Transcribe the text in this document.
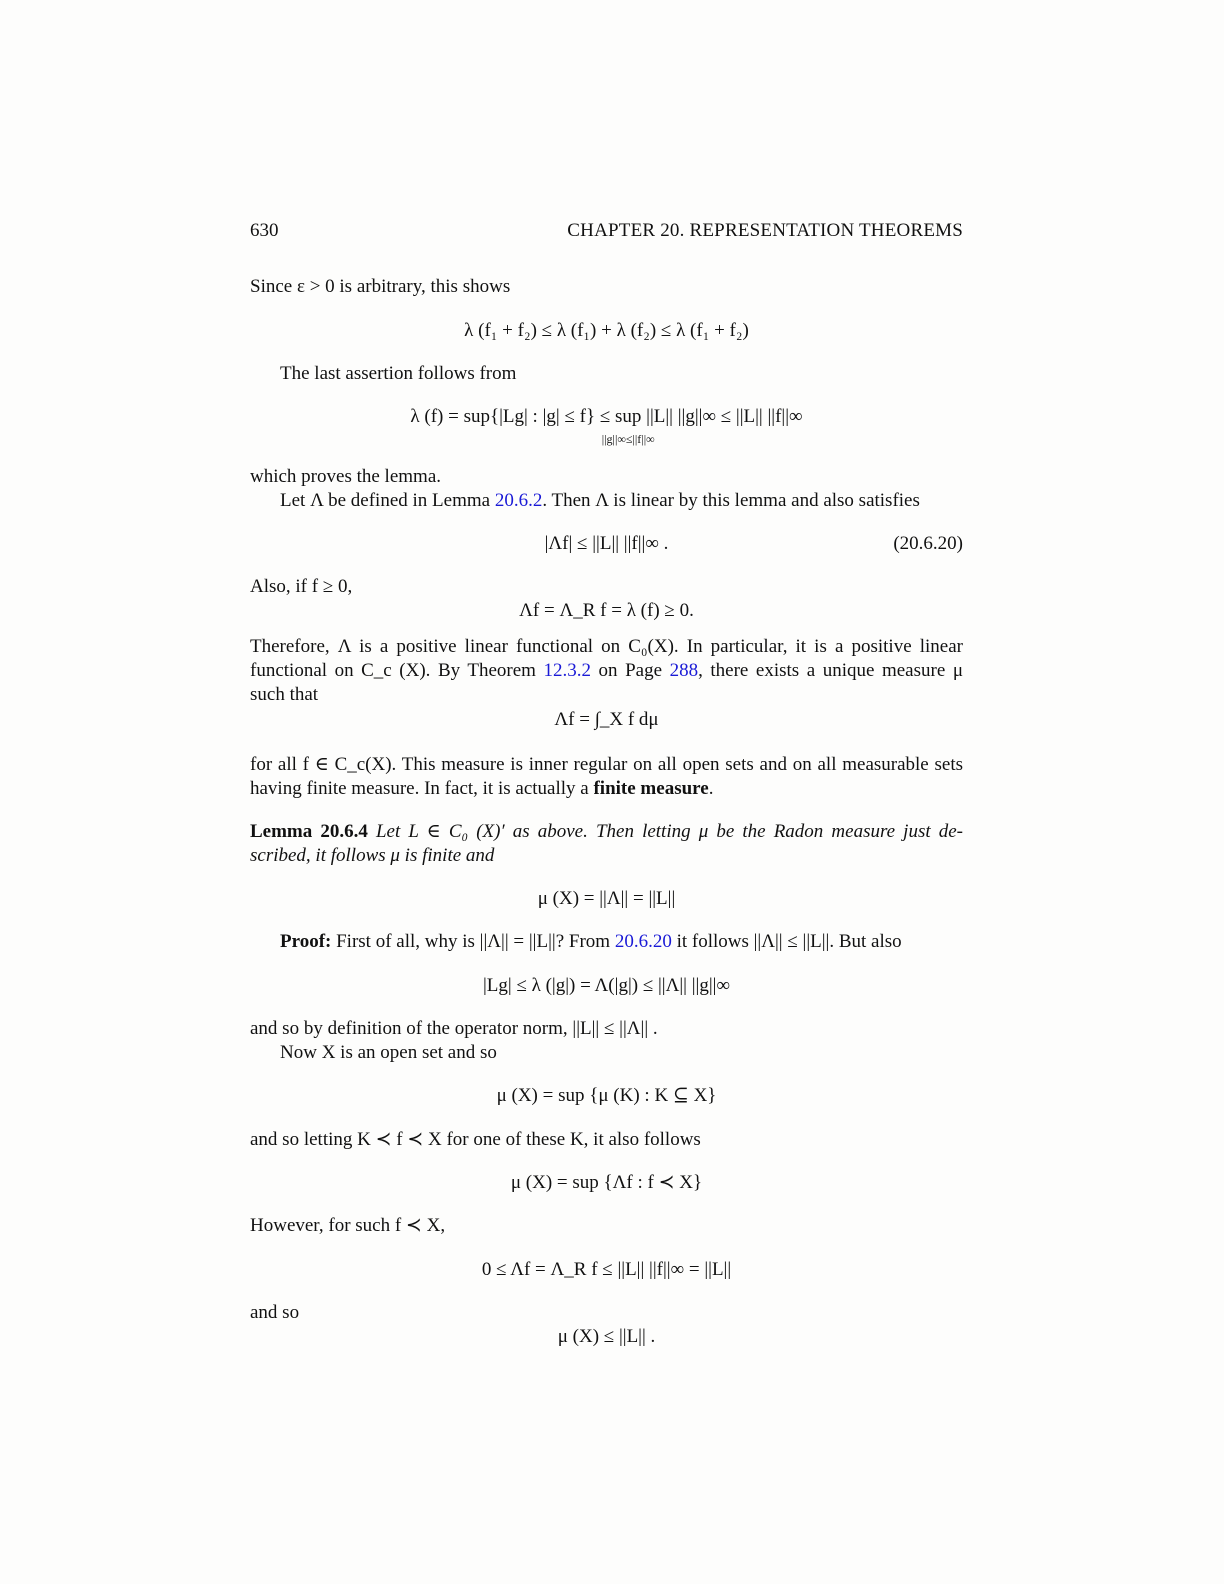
630	CHAPTER 20. REPRESENTATION THEOREMS
Since ε > 0 is arbitrary, this shows
λ (f₁ + f₂) ≤ λ (f₁) + λ (f₂) ≤ λ (f₁ + f₂)
The last assertion follows from
λ (f) = sup{|Lg| : |g| ≤ f} ≤ sup
||g||∞≤||f||∞
||L|| ||g||∞ ≤ ||L|| ||f||∞
which proves the lemma.
Let Λ be defined in Lemma 20.6.2. Then Λ is linear by this lemma and also satisfies
|Λf| ≤ ||L|| ||f||∞ .	(20.6.20)
Also, if f ≥ 0,
Λf = Λ_R f = λ (f) ≥ 0.
Therefore, Λ is a positive linear functional on C₀(X). In particular, it is a positive linear
functional on C_c (X). By Theorem 12.3.2 on Page 288, there exists a unique measure μ
such that
Λf = ∫_X f dμ
for all f ∈ C_c(X). This measure is inner regular on all open sets and on all measurable sets
having finite measure. In fact, it is actually a finite measure.
Lemma 20.6.4 Let L ∈ C₀ (X)′ as above. Then letting μ be the Radon measure just de-
scribed, it follows μ is finite and
μ (X) = ||Λ|| = ||L||
Proof: First of all, why is ||Λ|| = ||L||? From 20.6.20 it follows ||Λ|| ≤ ||L||. But also
|Lg| ≤ λ (|g|) = Λ(|g|) ≤ ||Λ|| ||g||∞
and so by definition of the operator norm, ||L|| ≤ ||Λ|| .
Now X is an open set and so
μ (X) = sup {μ (K) : K ⊆ X}
and so letting K ≺ f ≺ X for one of these K, it also follows
μ (X) = sup {Λf : f ≺ X}
However, for such f ≺ X,
0 ≤ Λf = Λ_R f ≤ ||L|| ||f||∞ = ||L||
and so
μ (X) ≤ ||L|| .
